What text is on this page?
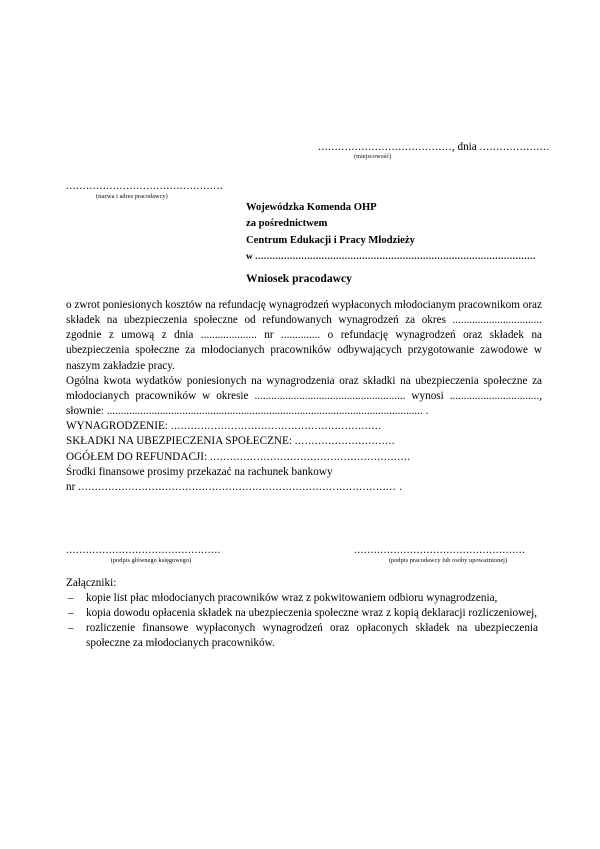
........................................, dnia .....................
(miejscowość)
...............................................
(nazwa i adres pracodawcy)
Wojewódzka Komenda OHP
za pośrednictwem
Centrum Edukacji i Pracy Młodzieży
w .................................................................................................
Wniosek pracodawcy

o zwrot poniesionych kosztów na refundację wynagrodzeń wypłaconych młodocianym pracownikom oraz składek na ubezpieczenia społeczne od refundowanych wynagrodzeń za okres ................................ zgodnie z umową z dnia .................... nr .............. o refundację wynagrodzeń oraz składek na ubezpieczenia społeczne za młodocianych pracowników odbywających przygotowanie zawodowe w naszym zakładzie pracy.

Ogólna kwota wydatków poniesionych na wynagrodzenia oraz składki na ubezpieczenia społeczne za młodocianych pracowników w okresie ...................................................... wynosi ................................, słownie: ................................................................................................................. .

WYNAGRODZENIE: ...............................................................
SKŁADKI NA UBEZPIECZENIA SPOŁECZNE: ..............................
OGÓŁEM DO REFUNDACJI: ............................................................

Środki finansowe prosimy przekazać na rachunek bankowy

nr ............................................................................................... .

...............................................
(podpis głównego księgowego)
....................................................
(podpis pracodawcy lub osoby upoważnionej)
Załączniki:
– kopie list płac młodocianych pracowników wraz z pokwitowaniem odbioru wynagrodzenia,
– kopia dowodu opłacenia składek na ubezpieczenia społeczne wraz z kopią deklaracji rozliczeniowej,
– rozliczenie finansowe wypłaconych wynagrodzeń oraz opłaconych składek na ubezpieczenia społeczne za młodocianych pracowników.
